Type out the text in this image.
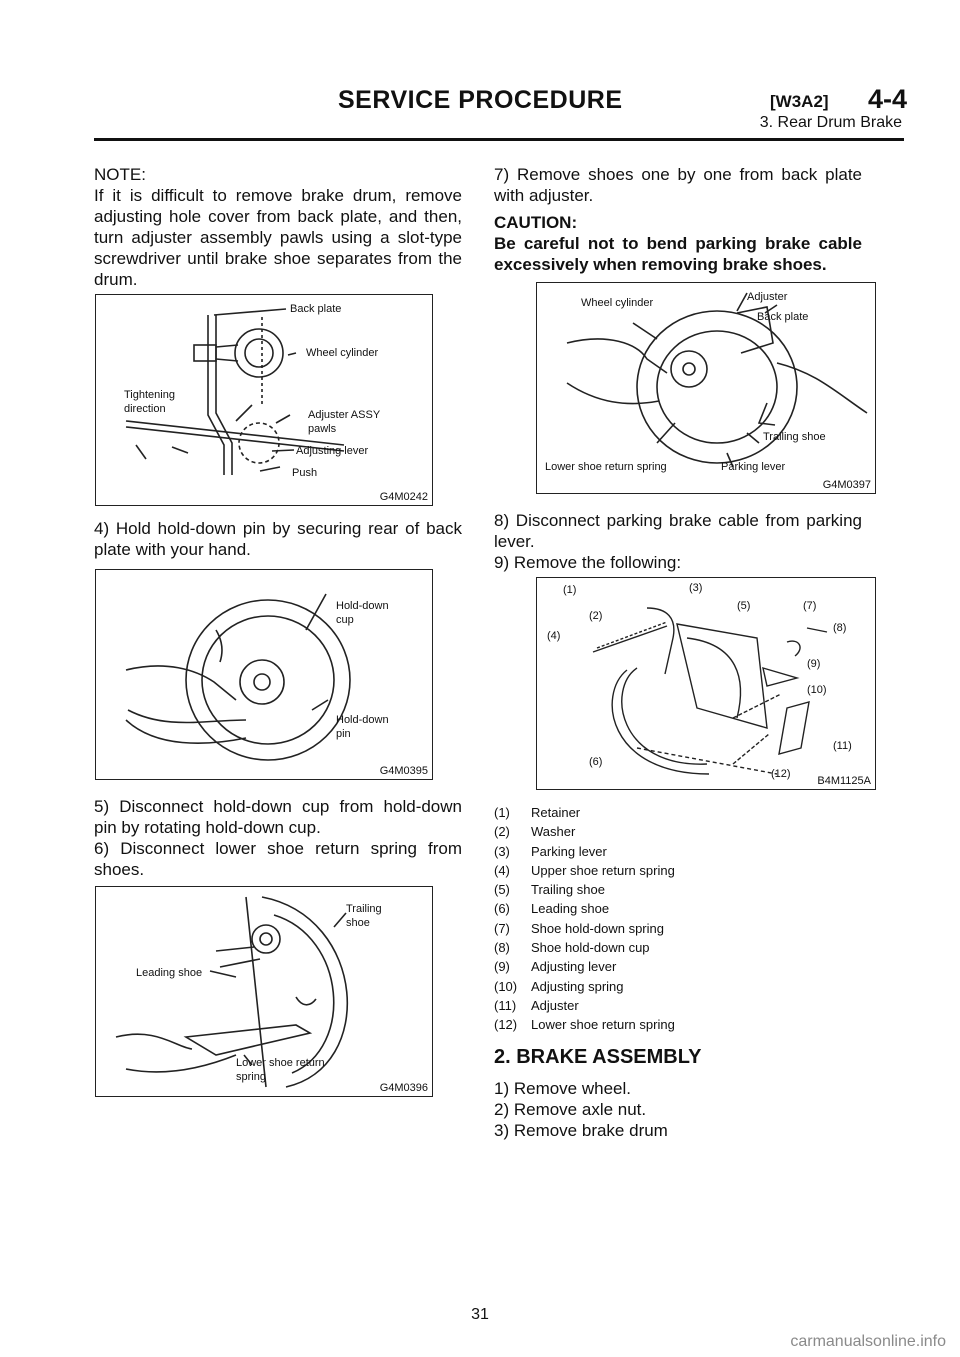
SERVICE PROCEDURE	[W3A2] 4-4
3. Rear Drum Brake

NOTE:

If it is difficult to remove brake drum, remove adjusting hole cover from back plate, and then, turn adjuster assembly pawls using a slot-type screwdriver until brake shoe separates from the drum.

Back plate
Wheel cylinder
Tightening
direction	Adjuster ASSY
pawls
Adjusting lever
Push
G4M0242

4) Hold hold-down pin by securing rear of back plate with your hand.

Hold-down
cup
Hold-down
pin
G4M0395

5) Disconnect hold-down cup from hold-down pin by rotating hold-down cup.

6) Disconnect lower shoe return spring from shoes.

Trailing
shoe
Leading shoe
Lower shoe return
spring
G4M0396

7) Remove shoes one by one from back plate with adjuster.

CAUTION:

Be careful not to bend parking brake cable excessively when removing brake shoes.

Wheel cylinder	Adjuster
Back plate
Trailing shoe
Lower shoe return spring	Parking lever
G4M0397

8) Disconnect parking brake cable from parking lever.

9) Remove the following:

(1)
(2)
(3)
(4)
(5)
(6)
(7)
(8)
(9)
(10)
(11)
(12)
B4M1125A
(1)	Retainer
(2)	Washer
(3)	Parking lever
(4)	Upper shoe return spring
(5)	Trailing shoe
(6)	Leading shoe
(7)	Shoe hold-down spring
(8)	Shoe hold-down cup
(9)	Adjusting lever
(10)	Adjusting spring
(11)	Adjuster
(12)	Lower shoe return spring
2. BRAKE ASSEMBLY

1) Remove wheel.

2) Remove axle nut.

3) Remove brake drum

31
carmanualsonline.info
